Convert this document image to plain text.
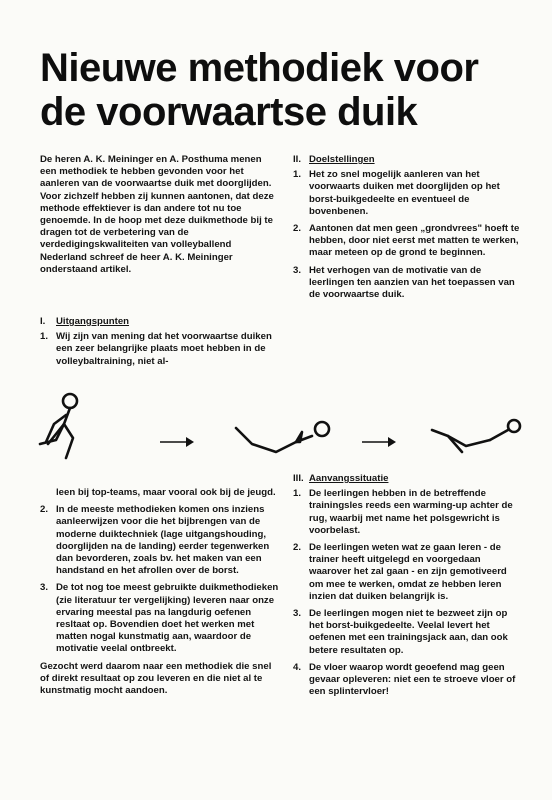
Nieuwe methodiek voor
de voorwaartse duik

De heren A. K. Meininger en A. Posthuma menen een methodiek te hebben gevonden voor het aanleren van de voorwaartse duik met doorglijden. Voor zichzelf hebben zij kunnen aantonen, dat deze methode effektiever is dan andere tot nu toe genoemde. In de hoop met deze duikmethode bij te dragen tot de verbetering van de verdedigingskwaliteiten van volleyballend Nederland schreef de heer A. K. Meininger onderstaand artikel.

II. Doelstellingen
1. Het zo snel mogelijk aanleren van het voorwaarts duiken met doorglijden op het borst-buikgedeelte en eventueel de bovenbenen.
2. Aantonen dat men geen „grondvrees" hoeft te hebben, door niet eerst met matten te werken, maar meteen op de grond te beginnen.
3. Het verhogen van de motivatie van de leerlingen ten aanzien van het toepassen van de voorwaartse duik.
I. Uitgangspunten
1. Wij zijn van mening dat het voorwaartse duiken een zeer belangrijke plaats moet hebben in de volleybaltraining, niet al-
leen bij top-teams, maar vooral ook bij de jeugd.
2. In de meeste methodieken komen ons inziens aanleerwijzen voor die het bijbrengen van de moderne duiktechniek (lage uitgangshouding, doorglijden na de landing) eerder tegenwerken dan bevorderen, zoals bv. het maken van een handstand en het afrollen over de borst.
3. De tot nog toe meest gebruikte duikmethodieken (zie literatuur ter vergelijking) leveren naar onze ervaring meestal pas na langdurig oefenen resltaat op. Bovendien doet het werken met matten nogal kunstmatig aan, waardoor de motivatie veelal ontbreekt.

Gezocht werd daarom naar een methodiek die snel of direkt resultaat op zou leveren en die niet al te kunstmatig mocht aandoen.

III. Aanvangssituatie
1. De leerlingen hebben in de betreffende trainingsles reeds een warming-up achter de rug, waarbij met name het polsgewricht is voorbelast.
2. De leerlingen weten wat ze gaan leren - de trainer heeft uitgelegd en voorgedaan waarover het zal gaan - en zijn gemotiveerd om mee te werken, omdat ze hebben leren inzien dat duiken belangrijk is.
3. De leerlingen mogen niet te bezweet zijn op het borst-buikgedeelte. Veelal levert het oefenen met een trainingsjack aan, dan ook betere resultaten op.
4. De vloer waarop wordt geoefend mag geen gevaar opleveren: niet een te stroeve vloer of een splintervloer!
